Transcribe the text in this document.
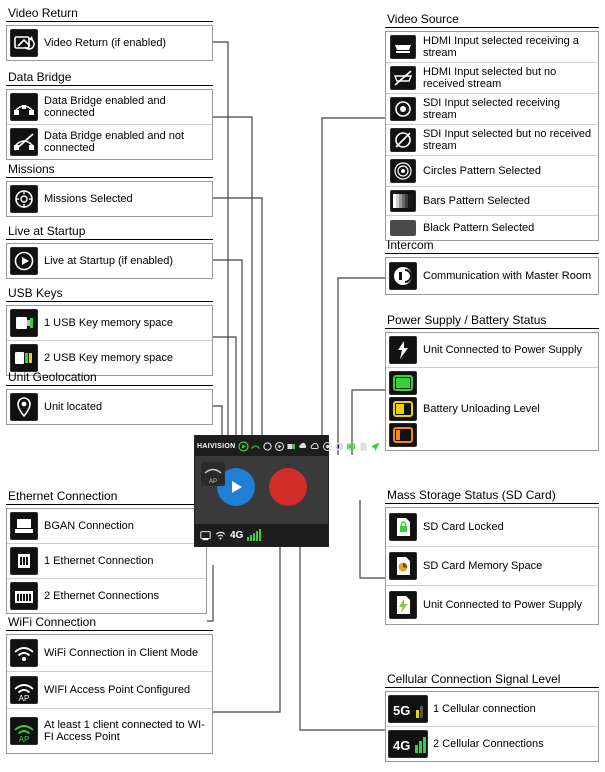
Video Return
Video Return (if enabled)
Data Bridge
Data Bridge enabled and connected
Data Bridge enabled and not connected
Missions
Missions Selected
Live at Startup
Live at Startup (if enabled)
USB Keys
1 USB Key memory space
2 USB Key memory space
Unit Geolocation
Unit located
Ethernet Connection
BGAN Connection
1 Ethernet Connection
2 Ethernet Connections
WiFi Connection
WiFi Connection in Client Mode
AP
WIFI Access Point Configured
AP
At least 1 client connected to WI-FI Access Point
Video Source
HDMI Input selected receiving a stream
HDMI Input selected but no received stream
SDI Input selected receiving stream
SDI Input selected but no received stream
Circles Pattern Selected
Bars Pattern Selected
Black Pattern Selected
Intercom
Communication with Master Room
Power Supply / Battery Status
Unit Connected to Power Supply
Battery Unloading Level
Mass Storage Status (SD Card)
SD Card Locked
SD Card Memory Space
Unit Connected to Power Supply
Cellular Connection Signal Level
5G 1 Cellular connection
4G 2 Cellular Connections
HAIVISION
AP
4G
